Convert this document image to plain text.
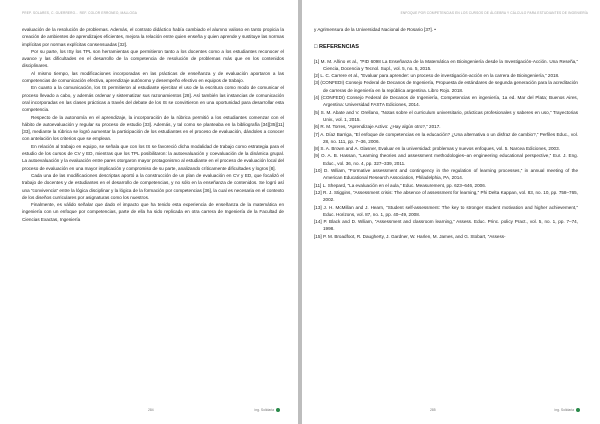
PREP. SOLARES, C. GUERRERO… REF. COLOR ERRONEO, MALLOGA

evaluación de la resolución de problemas. Además, el contrato didáctico había cambiado el alumno valioso en tanto propicia la creación de ambientes de aprendizajes eficientes, mejora la relación entre quien enseña y quien aprende y sustituye las normas implícitas por normas explícitas consensuadas [32].

Por su parte, los ISy los TPL son herramientas que permitieron tanto a los docentes como a los estudiantes reconocer el avance y las dificultades en el desarrollo de la competencia de resolución de problemas más que en los contenidos disciplinares.

Al mismo tiempo, las modificaciones incorporadas en las prácticas de enseñanza y de evaluación aportaron a las competencias de comunicación efectiva, aprendizaje autónomo y desempeño efectivo en equipos de trabajo.

En cuanto a la comunicación, los IS permitieron al estudiante ejercitar el uso de la escritura como modo de comunicar el proceso llevado a cabo, y además ordenar y sistematizar sus razonamientos [28]. Así también las instancias de comunicación oral incorporadas en las clases prácticas a través del debate de los IS se convirtieron en una oportunidad para desarrollar esta competencia.

Respecto de la autonomía en el aprendizaje, la incorporación de la rúbrica permitió a los estudiantes comenzar con el hábito de autoevaluación y regular su proceso de estudio [33]. Además, y tal como se planteaba en la bibliografía [34][35][11][33], mediante la rúbrica se logró aumentar la participación de los estudiantes en el proceso de evaluación, dándoles a conocer con antelación los criterios que se emplean.

En relación al trabajo en equipo, se señala que con los IS se favoreció dicha modalidad de trabajo como estrategia para el estudio de los cursos de CV y ED, mientras que los TPL posibilitaron: la autoevaluación y coevaluación de la dinámica grupal. La autoevaluación y la evaluación entre pares otorgaron mayor protagonismo al estudiante en el proceso de evaluación local del proceso de evaluación en una mayor implicación y compromiso de su parte, analizando críticamente dificultades y logros [8].

Cada una de las modificaciones descriptas aportó a la construcción de un plan de evaluación en CV y ED, que focalizó el trabajo de docentes y de estudiantes en el desarrollo de competencias, y no sólo en la enseñanza de contenidos. Se logró así una “convivencia” entre la lógica disciplinar y la lógica de la formación por competencias [36], la cual es necesaria en el contexto de los diseños curriculares por asignaturas como los nuestros.

Finalmente, es válido señalar que dado el impacto que ha tenido esta experiencia de enseñanza de la matemática en ingeniería con un enfoque por competencias, parte de ella ha sido replicada en otra carrera de Ingeniería de la Facultad de Ciencias Exactas, Ingeniería

284	ing. Solidaria
ENFOQUE POR COMPETENCIAS EN LOS CURSOS DE ÁLGEBRA Y CÁLCULO PARA ESTUDIANTES DE INGENIERÍA

y Agrimensura de la Universidad Nacional de Rosario [37]. •

□ REFERENCIAS

[1] M. M. Añino et al., “PID 6098 La Enseñanza de la Matemática en Bioingeniería desde la Investigación-Acción. Una Reseña,” Ciencia, Docencia y Tecnol. Supl., vol. 5, no. 5, 2015.

[2] L. C. Carrere et al., “Evaluar para aprender: un proceso de investigación-acción en la carrera de Bioingeniería,” 2018.

[3] (CONFEDI) Consejo Federal de Decanos de Ingeniería, Propuesta de estándares de segunda generación para la acreditación de carreras de ingeniería en la república argentina. Libro Rojo. 2018.

[4] (CONFEDI) Consejo Federal de Decanos de Ingeniería, Competencias en ingeniería, 1a ed. Mar del Plata; Buenos Aires, Argentina: Universidad FASTA Ediciones, 2014.

[5] S. M. Abate and V. Orellano, “Notas sobre el curriculum universitario, prácticas profesionales y saberes en uso,” Trayectorias Univ., vol. 1, 2015.

[6] R. M. Torres, “Aprendizaje Activo: ¿Hay algún otro?,” 2017.

[7] A. Díaz Barriga, “El enfoque de competencias en la educación? ¿Una alternativa o un disfraz de cambio?,” Perfiles Educ., vol. 28, no. 111, pp. 7–36, 2006.

[8] S. A. Brown and A. Glasner, Evaluar en la universidad: problemas y nuevos enfoques, vol. 5. Narcea Ediciones, 2003.

[9] O. A. B. Hassan, “Learning theories and assessment methodologies–an engineering educational perspective,” Eur. J. Eng. Educ., vol. 36, no. 4, pp. 327–339, 2011.

[10] D. Wiliam, “Formative assessment and contingency in the regulation of learning processes,” in annual meeting of the American Educational Research Association, Philadelphia, PA, 2014.

[11] L. Shepard, “La evaluación en el aula,” Educ. Measurement, pp. 623–646, 2006.

[12] R. J. Stiggins, “Assessment crisis: The absence of assessment for learning,” Phi Delta Kappan, vol. 83, no. 10, pp. 758–765, 2002.

[13] J. H. McMillan and J. Hearn, “Student self-assessment: The key to stronger student motivation and higher achievement,” Educ. Horizons, vol. 87, no. 1, pp. 40–49, 2008.

[14] P. Black and D. Wiliam, “Assessment and classroom learning,” Assess. Educ. Princ. policy Pract., vol. 5, no. 1, pp. 7–74, 1998.

[15] P. M. Broadfoot, R. Daugherty, J. Gardner, W. Harlen, M. James, and G. Stobart, “Assess-

285	ing. Solidaria
